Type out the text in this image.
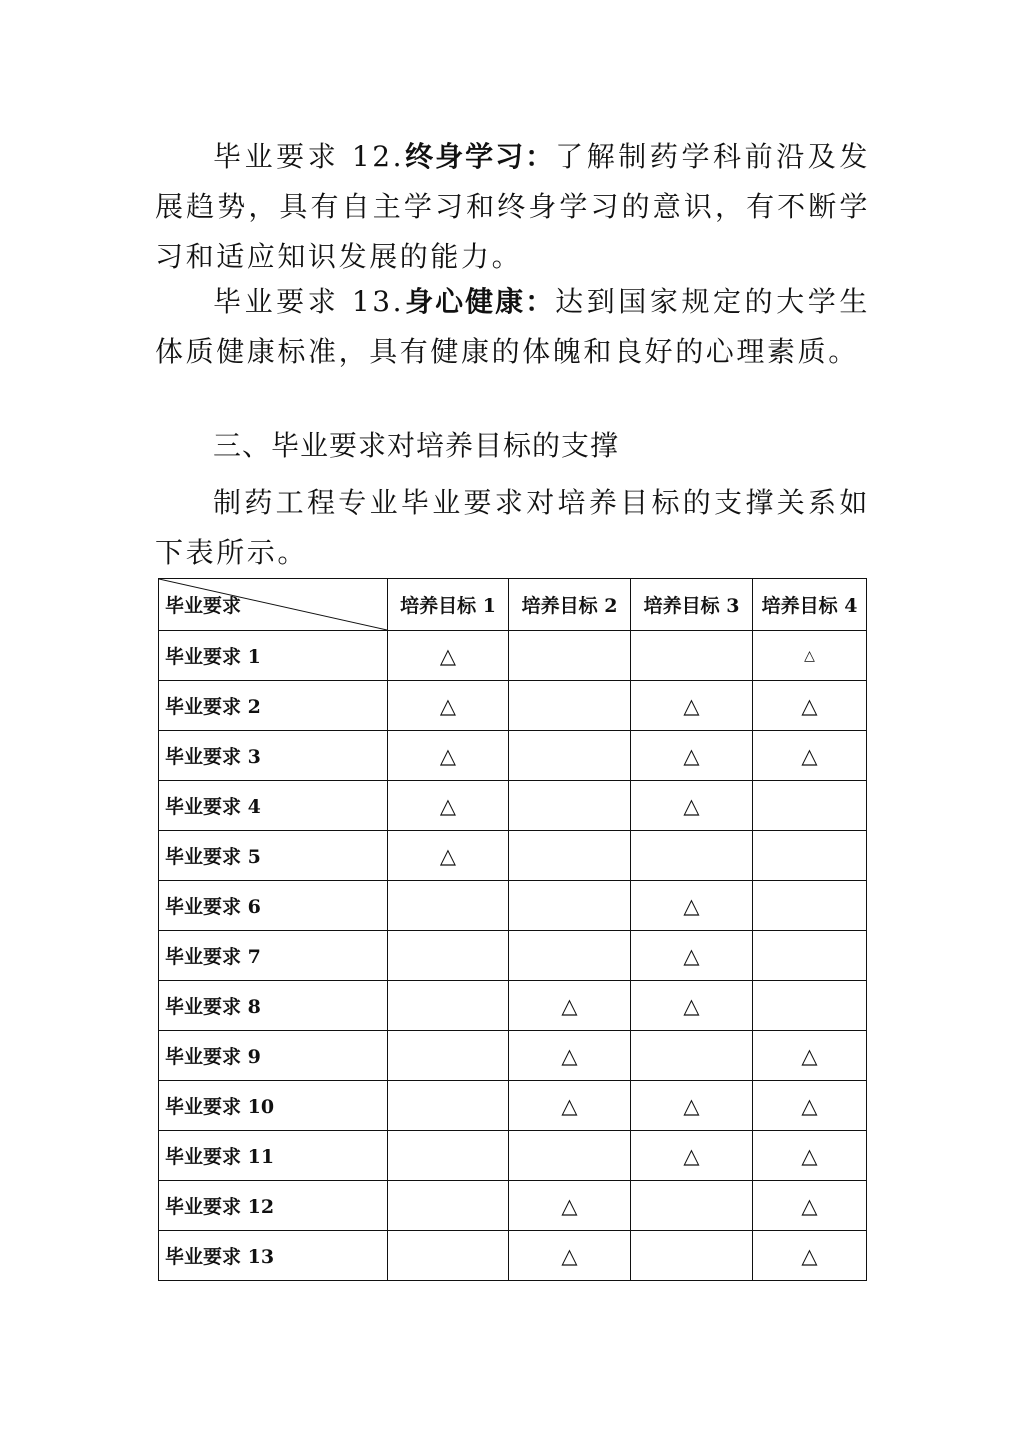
毕业要求 12.终身学习：了解制药学科前沿及发展趋势，具有自主学习和终身学习的意识，有不断学习和适应知识发展的能力。

毕业要求 13.身心健康：达到国家规定的大学生体质健康标准，具有健康的体魄和良好的心理素质。

三、毕业要求对培养目标的支撑

制药工程专业毕业要求对培养目标的支撑关系如下表所示。

毕业要求	培养目标 1	培养目标 2	培养目标 3	培养目标 4
毕业要求 1	△			△
毕业要求 2	△		△	△
毕业要求 3	△		△	△
毕业要求 4	△		△	
毕业要求 5	△			
毕业要求 6			△	
毕业要求 7			△	
毕业要求 8		△	△	
毕业要求 9		△		△
毕业要求 10		△	△	△
毕业要求 11			△	△
毕业要求 12		△		△
毕业要求 13		△		△
